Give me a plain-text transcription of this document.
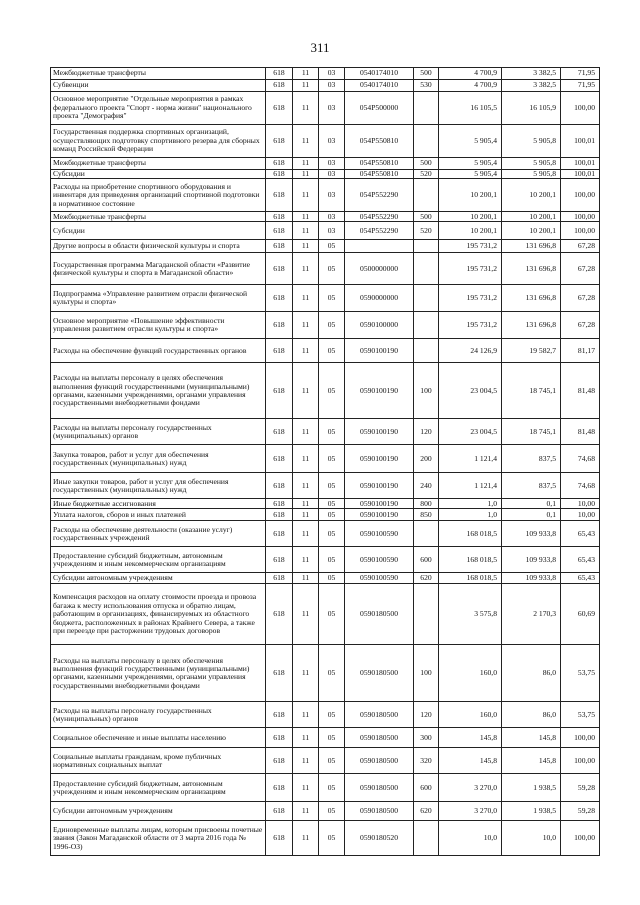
311
Межбюджетные трансферты	618	11	03	0540174010	500	4 700,9	3 382,5	71,95
Субвенции	618	11	03	0540174010	530	4 700,9	3 382,5	71,95
Основное мероприятие "Отдельные мероприятия в рамках федерального проекта "Спорт - норма жизни" национального проекта "Демография"	618	11	03	054P500000		16 105,5	16 105,9	100,00
Государственная поддержка спортивных организаций, осуществляющих подготовку спортивного резерва для сборных команд Российской Федерации	618	11	03	054P550810		5 905,4	5 905,8	100,01
Межбюджетные трансферты	618	11	03	054P550810	500	5 905,4	5 905,8	100,01
Субсидии	618	11	03	054P550810	520	5 905,4	5 905,8	100,01
Расходы на приобретение спортивного оборудования и инвентаря для приведения организаций спортивной подготовки в нормативное состояние	618	11	03	054P552290		10 200,1	10 200,1	100,00
Межбюджетные трансферты	618	11	03	054P552290	500	10 200,1	10 200,1	100,00
Субсидии	618	11	03	054P552290	520	10 200,1	10 200,1	100,00
Другие вопросы в области физической культуры и спорта	618	11	05			195 731,2	131 696,8	67,28
Государственная программа Магаданской области «Развитие физической культуры и спорта в Магаданской области»	618	11	05	0500000000		195 731,2	131 696,8	67,28
Подпрограмма «Управление развитием отрасли физической культуры и спорта»	618	11	05	0590000000		195 731,2	131 696,8	67,28
Основное мероприятие «Повышение эффективности управления развитием отрасли культуры и спорта»	618	11	05	0590100000		195 731,2	131 696,8	67,28
Расходы на обеспечение функций государственных органов	618	11	05	0590100190		24 126,9	19 582,7	81,17
Расходы на выплаты персоналу в целях обеспечения выполнения функций государственными (муниципальными) органами, казенными учреждениями, органами управления государственными внебюджетными фондами	618	11	05	0590100190	100	23 004,5	18 745,1	81,48
Расходы на выплаты персоналу государственных (муниципальных) органов	618	11	05	0590100190	120	23 004,5	18 745,1	81,48
Закупка товаров, работ и услуг для обеспечения государственных (муниципальных) нужд	618	11	05	0590100190	200	1 121,4	837,5	74,68
Иные закупки товаров, работ и услуг для обеспечения государственных (муниципальных) нужд	618	11	05	0590100190	240	1 121,4	837,5	74,68
Иные бюджетные ассигнования	618	11	05	0590100190	800	1,0	0,1	10,00
Уплата налогов, сборов и иных платежей	618	11	05	0590100190	850	1,0	0,1	10,00
Расходы на обеспечение деятельности (оказание услуг) государственных учреждений	618	11	05	0590100590		168 018,5	109 933,8	65,43
Предоставление субсидий бюджетным, автономным учреждениям и иным некоммерческим организациям	618	11	05	0590100590	600	168 018,5	109 933,8	65,43
Субсидии автономным учреждениям	618	11	05	0590100590	620	168 018,5	109 933,8	65,43
Компенсация расходов на оплату стоимости проезда и провоза багажа к месту использования отпуска и обратно лицам, работающим в организациях, финансируемых из областного бюджета, расположенных в районах Крайнего Севера, а также при переезде при расторжении трудовых договоров	618	11	05	0590180500		3 575,8	2 170,3	60,69
Расходы на выплаты персоналу в целях обеспечения выполнения функций государственными (муниципальными) органами, казенными учреждениями, органами управления государственными внебюджетными фондами	618	11	05	0590180500	100	160,0	86,0	53,75
Расходы на выплаты персоналу государственных (муниципальных) органов	618	11	05	0590180500	120	160,0	86,0	53,75
Социальное обеспечение и иные выплаты населению	618	11	05	0590180500	300	145,8	145,8	100,00
Социальные выплаты гражданам, кроме публичных нормативных социальных выплат	618	11	05	0590180500	320	145,8	145,8	100,00
Предоставление субсидий бюджетным, автономным учреждениям и иным некоммерческим организациям	618	11	05	0590180500	600	3 270,0	1 938,5	59,28
Субсидии автономным учреждениям	618	11	05	0590180500	620	3 270,0	1 938,5	59,28
Единовременные выплаты лицам, которым присвоены почетные звания (Закон Магаданской области от 3 марта 2016 года № 1996-ОЗ)	618	11	05	0590180520		10,0	10,0	100,00
